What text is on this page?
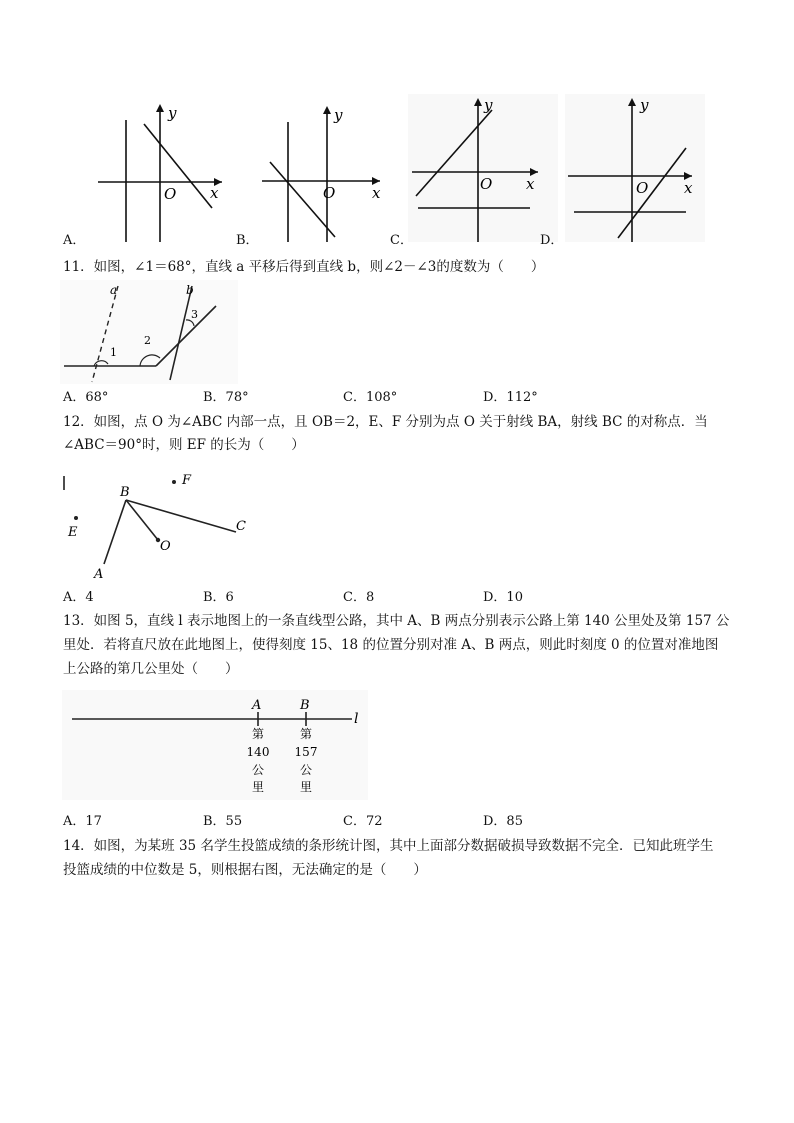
y
O x
y
O x
y
O x
y
O x
A．	B．	C．	D．
11．如图，∠1＝68°，直线 a 平移后得到直线 b，则∠2－∠3的度数为（　　）
a	b
1
2
3
A．68°	B．78°	C．108°	D．112°
12．如图，点 O 为∠ABC 内部一点，且 OB＝2，E、F 分别为点 O 关于射线 BA，射线 BC 的对称点．当
∠ABC＝90°时，则 EF 的长为（　　）
B
F
C
E
O
A
A．4	B．6	C．8	D．10
13．如图 5，直线 l 表示地图上的一条直线型公路，其中 A、B 两点分别表示公路上第 140 公里处及第 157 公
里处．若将直尺放在此地图上，使得刻度 15、18 的位置分别对准 A、B 两点，则此时刻度 0 的位置对准地图
上公路的第几公里处（　　）
A	B
l
第
140
公
里
第
157
公
里
A．17	B．55	C．72	D．85
14．如图，为某班 35 名学生投篮成绩的条形统计图，其中上面部分数据破损导致数据不完全．已知此班学生
投篮成绩的中位数是 5，则根据右图，无法确定的是（　　）
